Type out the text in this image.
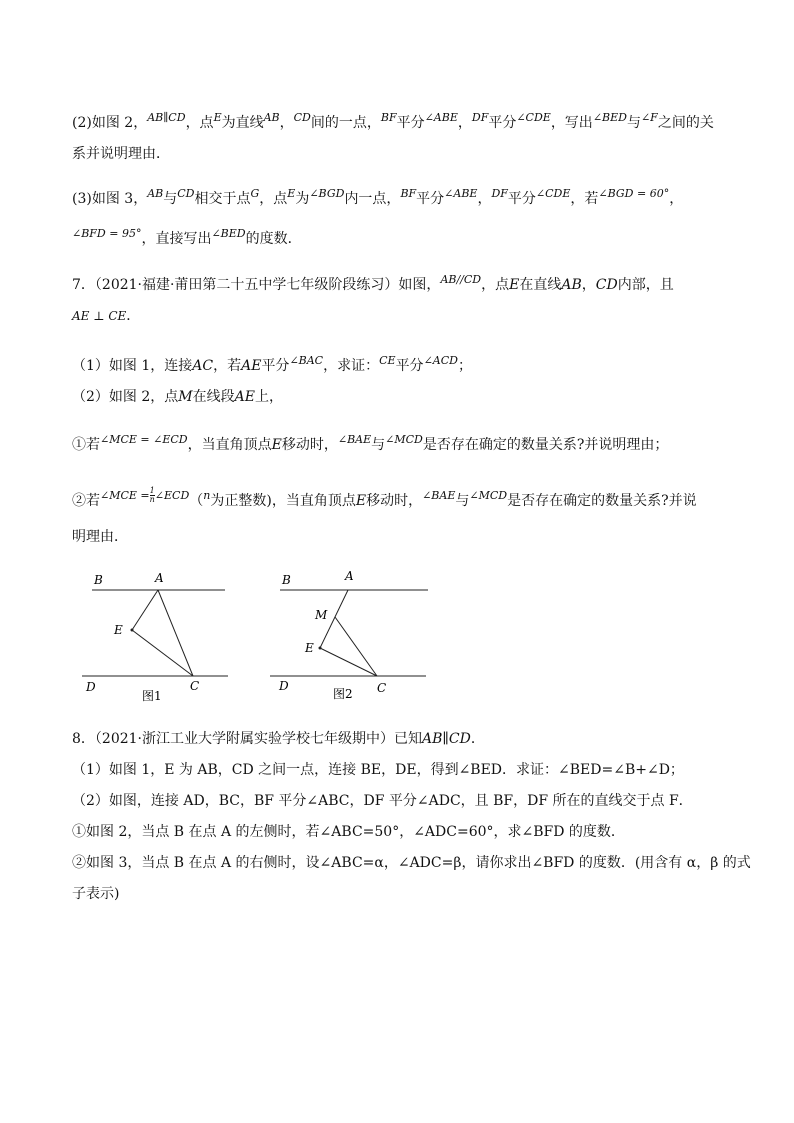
(2)如图 2，$^{AB\parallel CD}$，点$^E$为直线$^{AB}$，$^{CD}$间的一点，$^{BF}$平分$^{\angle ABE}$，$^{DF}$平分$^{\angle CDE}$，写出$^{\angle BED}$与$^{\angle F}$之间的关
系并说明理由．
(3)如图 3，$^{AB}$与$^{CD}$相交于点$^G$，点$^E$为$^{\angle BGD}$内一点，$^{BF}$平分$^{\angle ABE}$，$^{DF}$平分$^{\angle CDE}$，若$^{\angle BGD = 60^\circ}$，
$^{\angle BFD = 95^\circ}$，直接写出$^{\angle BED}$的度数．
7．（2021·福建·莆田第二十五中学七年级阶段练习）如图，$^{AB//CD}$，点E在直线AB，CD内部，且
AE ⊥ CE．
（1）如图 1，连接AC，若AE平分$^{\angle BAC}$，求证：$^{CE}$平分$^{\angle ACD}$；
（2）如图 2，点M在线段AE上，
①若$^{\angle MCE = \angle ECD}$，当直角顶点E移动时，$^{\angle BAE}$与$^{\angle MCD}$是否存在确定的数量关系?并说明理由；
②若$^{\angle MCE =} \frac{1}{n} ^{\angle ECD}(^n$为正整数)，当直角顶点E移动时，$^{\angle BAE}$与$^{\angle MCD}$是否存在确定的数量关系?并说
明理由．
B	A
E
D	C
图1
B	A
M
E
D	C
图2
8．（2021·浙江工业大学附属实验学校七年级期中）已知AB∥CD．
（1）如图 1，E 为 AB，CD 之间一点，连接 BE，DE，得到∠BED．求证：∠BED=∠B+∠D；
（2）如图，连接 AD，BC，BF 平分∠ABC，DF 平分∠ADC，且 BF，DF 所在的直线交于点 F．
①如图 2，当点 B 在点 A 的左侧时，若∠ABC=50°，∠ADC=60°，求∠BFD 的度数．
②如图 3，当点 B 在点 A 的右侧时，设∠ABC=α，∠ADC=β，请你求出∠BFD 的度数．(用含有 α，β 的式
子表示)
